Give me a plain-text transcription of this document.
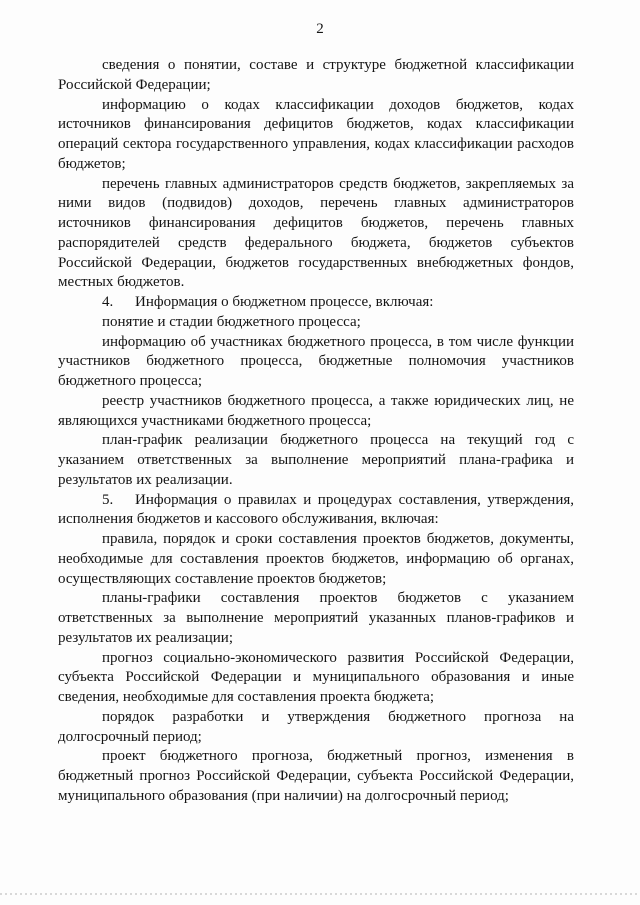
2
сведения о понятии, составе и структуре бюджетной классификации
Российской Федерации;
информацию о кодах классификации доходов бюджетов, кодах
источников финансирования дефицитов бюджетов, кодах классификации
операций сектора государственного управления, кодах классификации расходов
бюджетов;
перечень главных администраторов средств бюджетов, закрепляемых за
ними видов (подвидов) доходов, перечень главных администраторов
источников финансирования дефицитов бюджетов, перечень главных
распорядителей средств федерального бюджета, бюджетов субъектов
Российской Федерации, бюджетов государственных внебюджетных фондов,
местных бюджетов.
4. Информация о бюджетном процессе, включая:
понятие и стадии бюджетного процесса;
информацию об участниках бюджетного процесса, в том числе функции
участников бюджетного процесса, бюджетные полномочия участников
бюджетного процесса;
реестр участников бюджетного процесса, а также юридических лиц, не
являющихся участниками бюджетного процесса;
план-график реализации бюджетного процесса на текущий год с
указанием ответственных за выполнение мероприятий плана-графика и
результатов их реализации.
5. Информация о правилах и процедурах составления, утверждения,
исполнения бюджетов и кассового обслуживания, включая:
правила, порядок и сроки составления проектов бюджетов, документы,
необходимые для составления проектов бюджетов, информацию об органах,
осуществляющих составление проектов бюджетов;
планы-графики составления проектов бюджетов с указанием
ответственных за выполнение мероприятий указанных планов-графиков и
результатов их реализации;
прогноз социально-экономического развития Российской Федерации,
субъекта Российской Федерации и муниципального образования и иные
сведения, необходимые для составления проекта бюджета;
порядок разработки и утверждения бюджетного прогноза на
долгосрочный период;
проект бюджетного прогноза, бюджетный прогноз, изменения в
бюджетный прогноз Российской Федерации, субъекта Российской Федерации,
муниципального образования (при наличии) на долгосрочный период;
